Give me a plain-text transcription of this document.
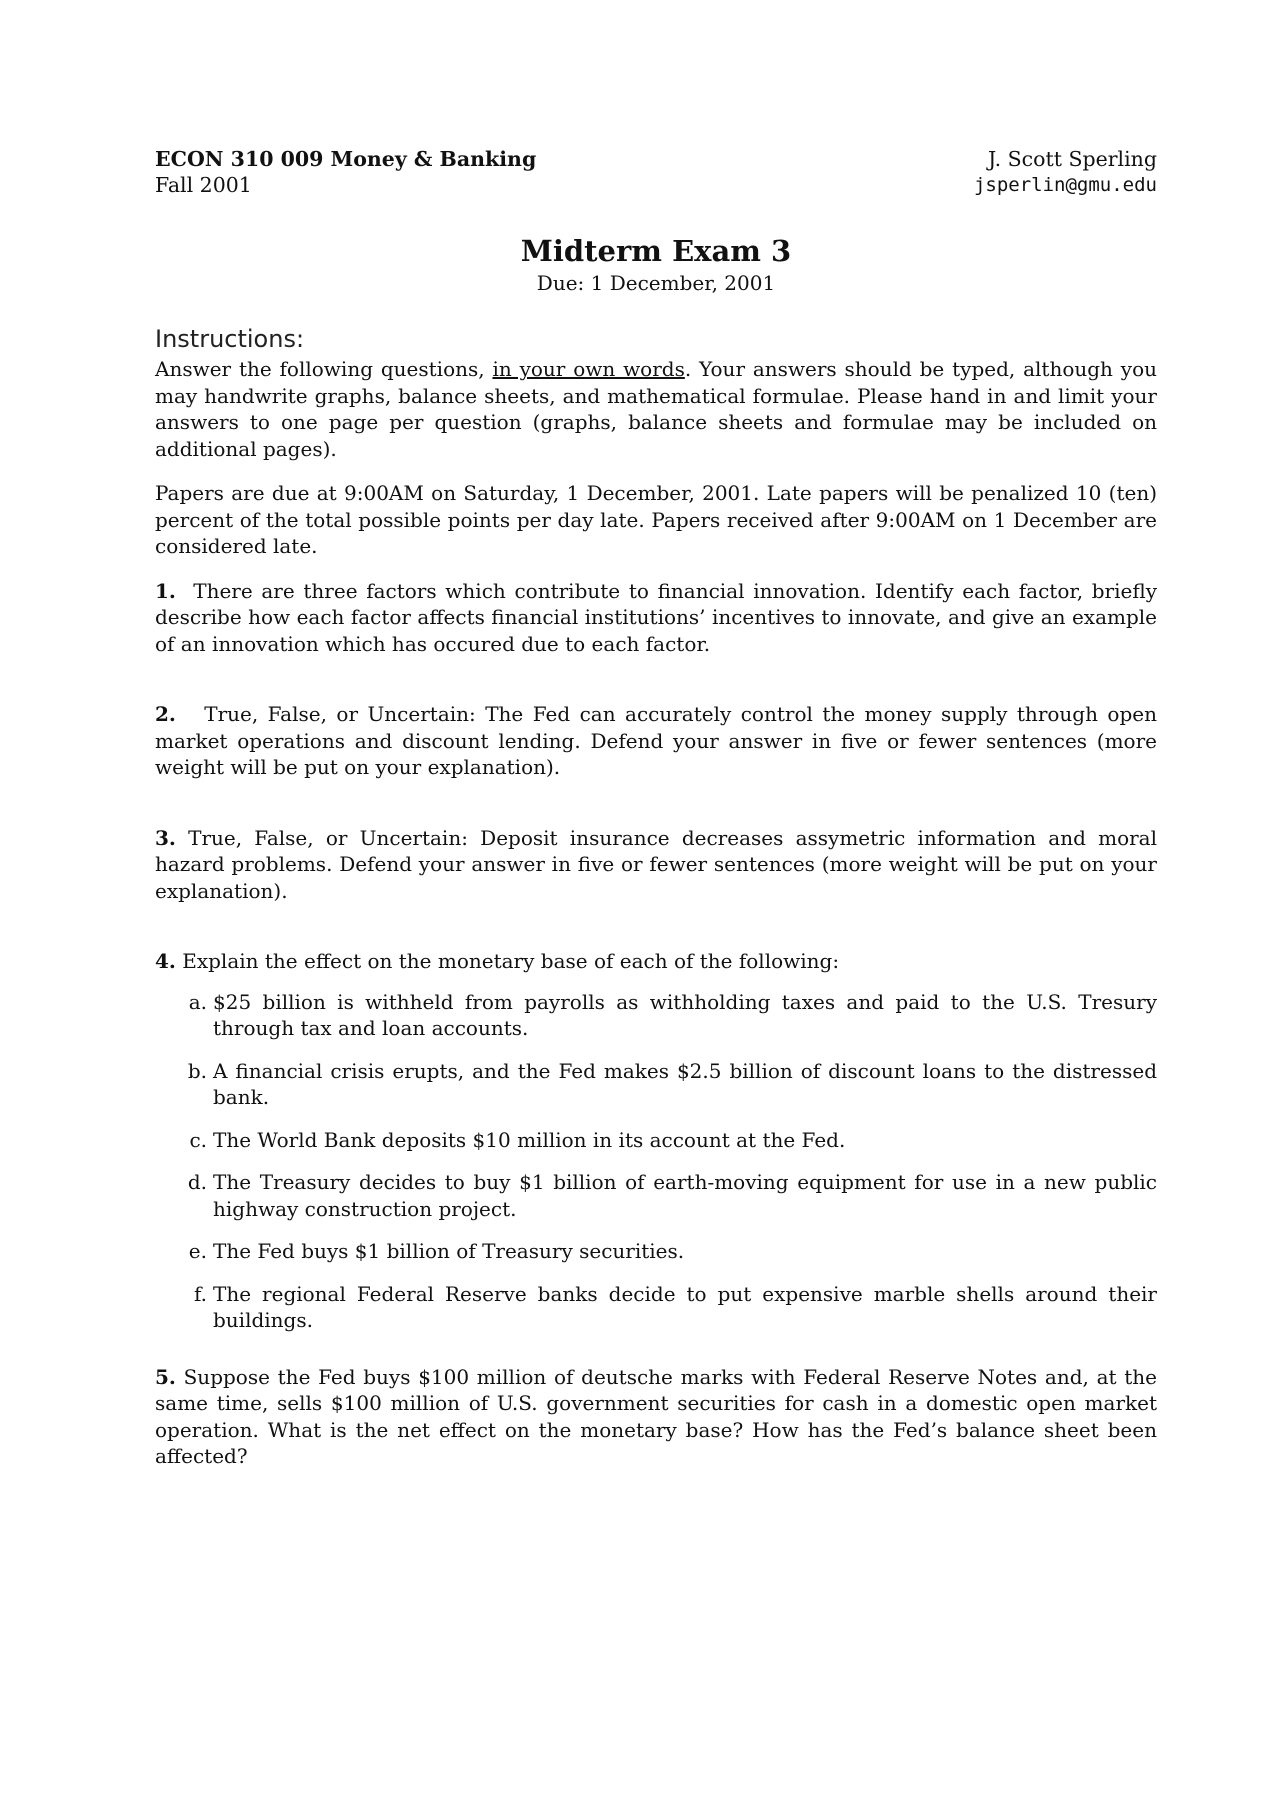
ECON 310 009 Money & Banking
Fall 2001
J. Scott Sperling
jsperlin@gmu.edu
Midterm Exam 3
Due: 1 December, 2001
Instructions:

Answer the following questions, in your own words. Your answers should be typed, although you may handwrite graphs, balance sheets, and mathematical formulae. Please hand in and limit your answers to one page per question (graphs, balance sheets and formulae may be included on additional pages).

Papers are due at 9:00AM on Saturday, 1 December, 2001. Late papers will be penalized 10 (ten) percent of the total possible points per day late. Papers received after 9:00AM on 1 December are considered late.

1. There are three factors which contribute to financial innovation. Identify each factor, briefly describe how each factor affects financial institutions’ incentives to innovate, and give an example of an innovation which has occured due to each factor.

2. True, False, or Uncertain: The Fed can accurately control the money supply through open market operations and discount lending. Defend your answer in five or fewer sentences (more weight will be put on your explanation).

3. True, False, or Uncertain: Deposit insurance decreases assymetric information and moral hazard problems. Defend your answer in five or fewer sentences (more weight will be put on your explanation).

4. Explain the effect on the monetary base of each of the following:

a. $25 billion is withheld from payrolls as withholding taxes and paid to the U.S. Tresury through tax and loan accounts.
b. A financial crisis erupts, and the Fed makes $2.5 billion of discount loans to the distressed bank.
c. The World Bank deposits $10 million in its account at the Fed.
d. The Treasury decides to buy $1 billion of earth-moving equipment for use in a new public highway construction project.
e. The Fed buys $1 billion of Treasury securities.
f. The regional Federal Reserve banks decide to put expensive marble shells around their buildings.

5. Suppose the Fed buys $100 million of deutsche marks with Federal Reserve Notes and, at the same time, sells $100 million of U.S. government securities for cash in a domestic open market operation. What is the net effect on the monetary base? How has the Fed’s balance sheet been affected?
